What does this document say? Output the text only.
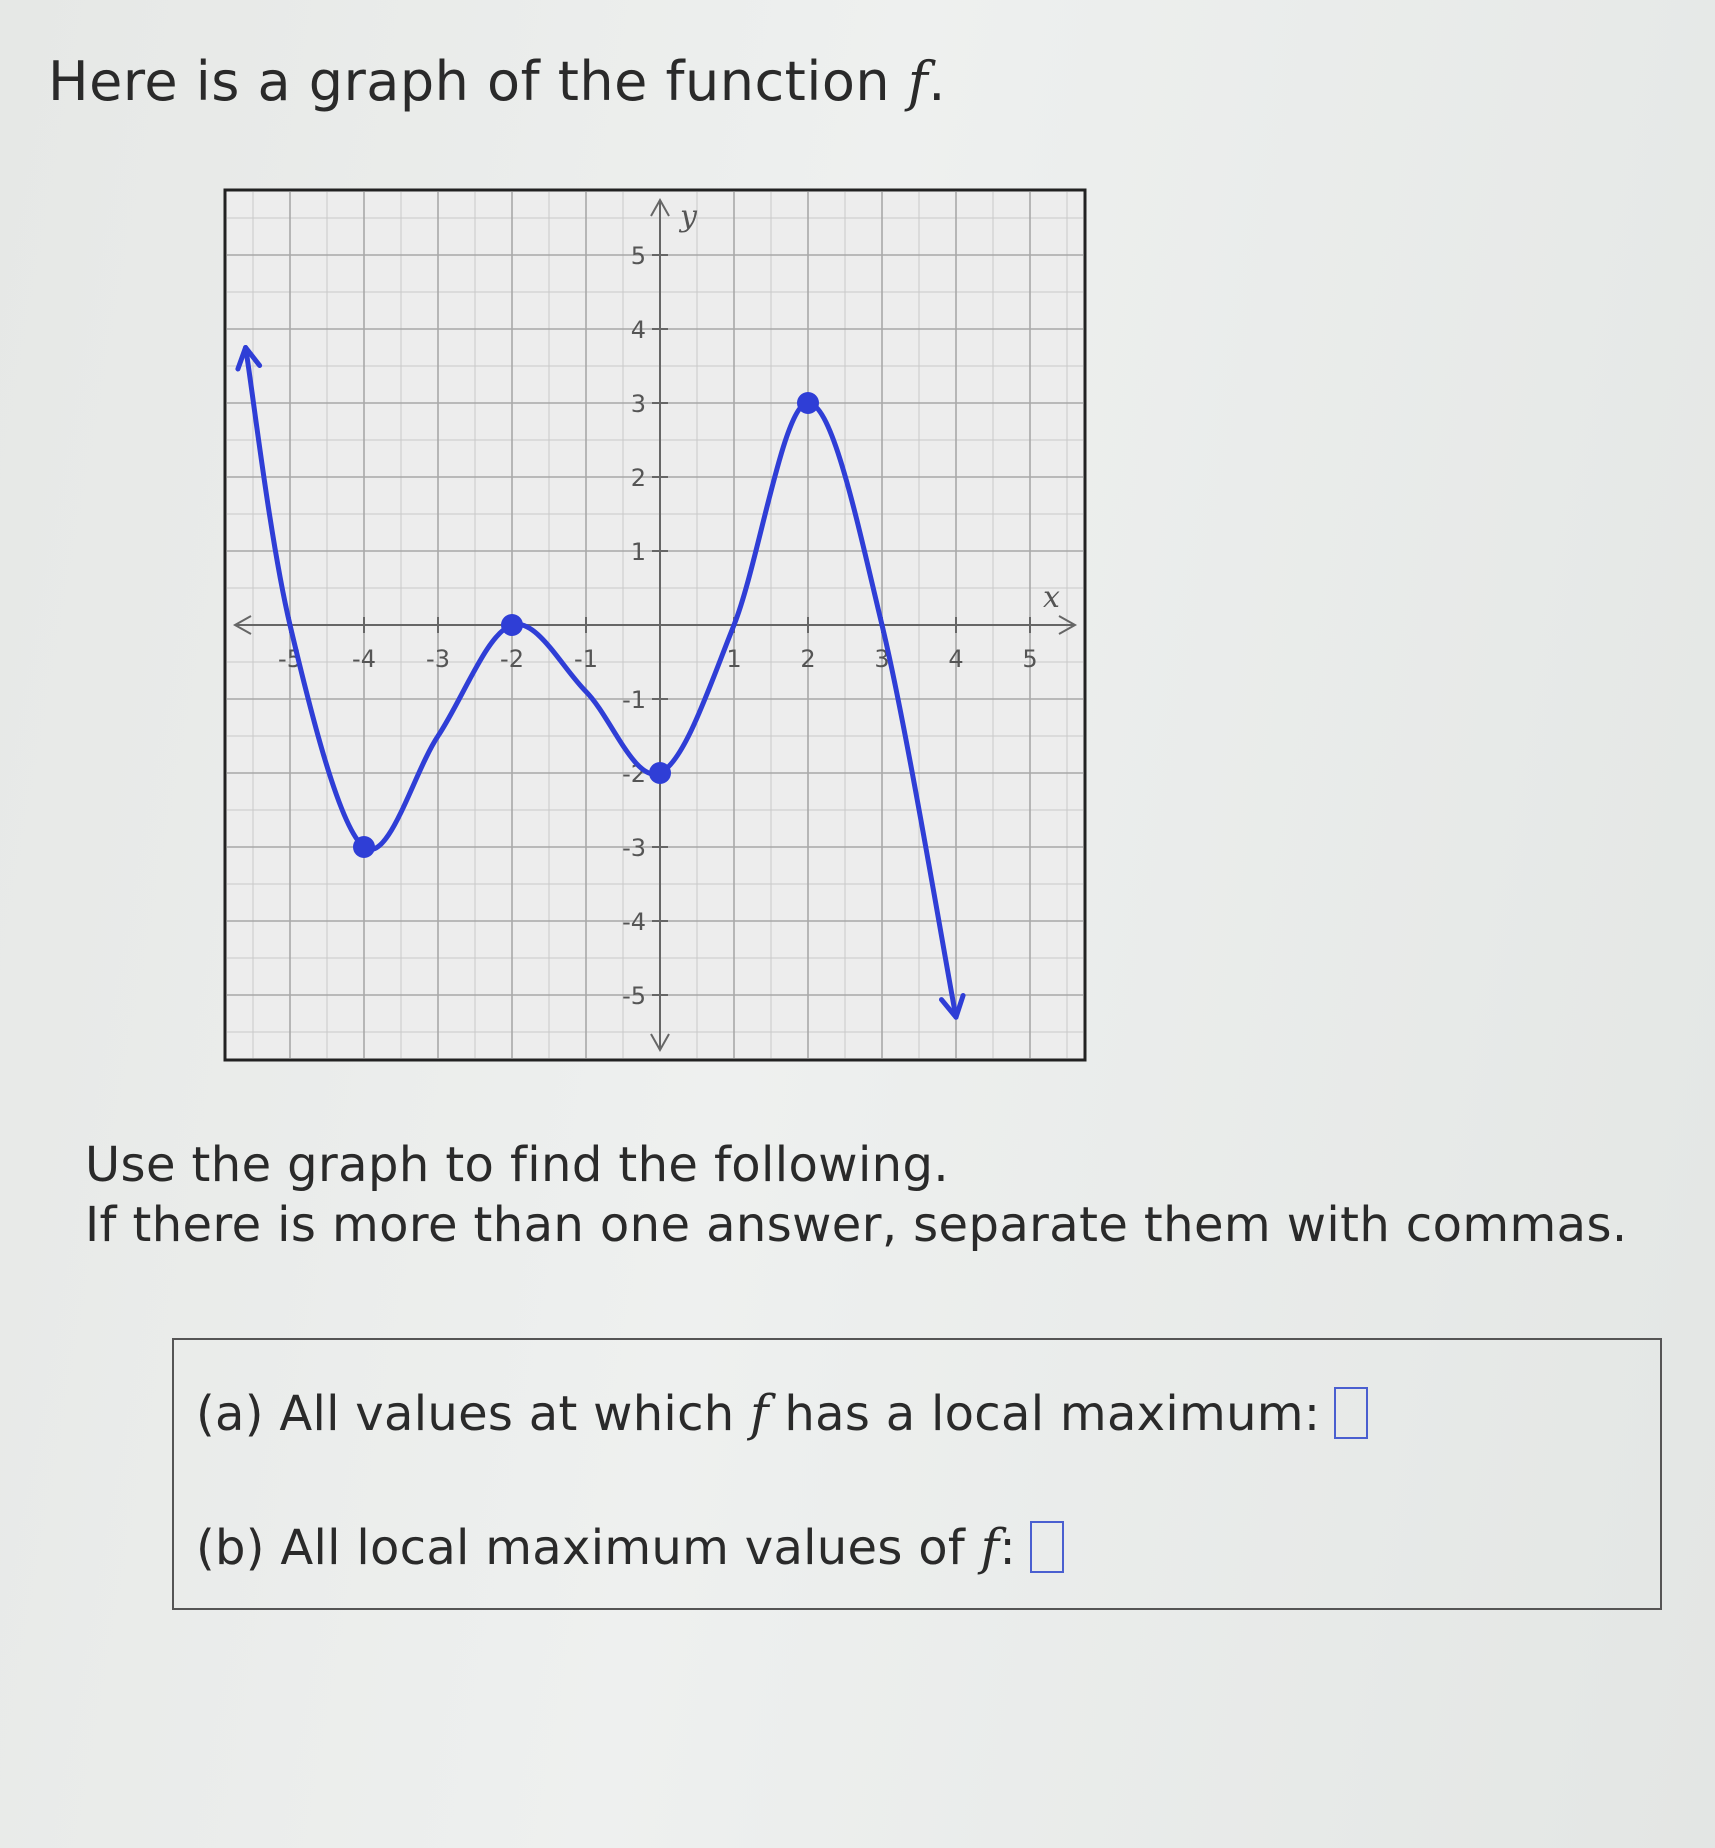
Here is a graph of the function f.
-5 -4 -3 -2 -1	1 2 3 4 5
-5
-4
-3
-2
-1
1
2
3
4
5
x
y
Use the graph to find the following.
If there is more than one answer, separate them with commas.
(a) All values at which f has a local maximum:
(b) All local maximum values of f:
